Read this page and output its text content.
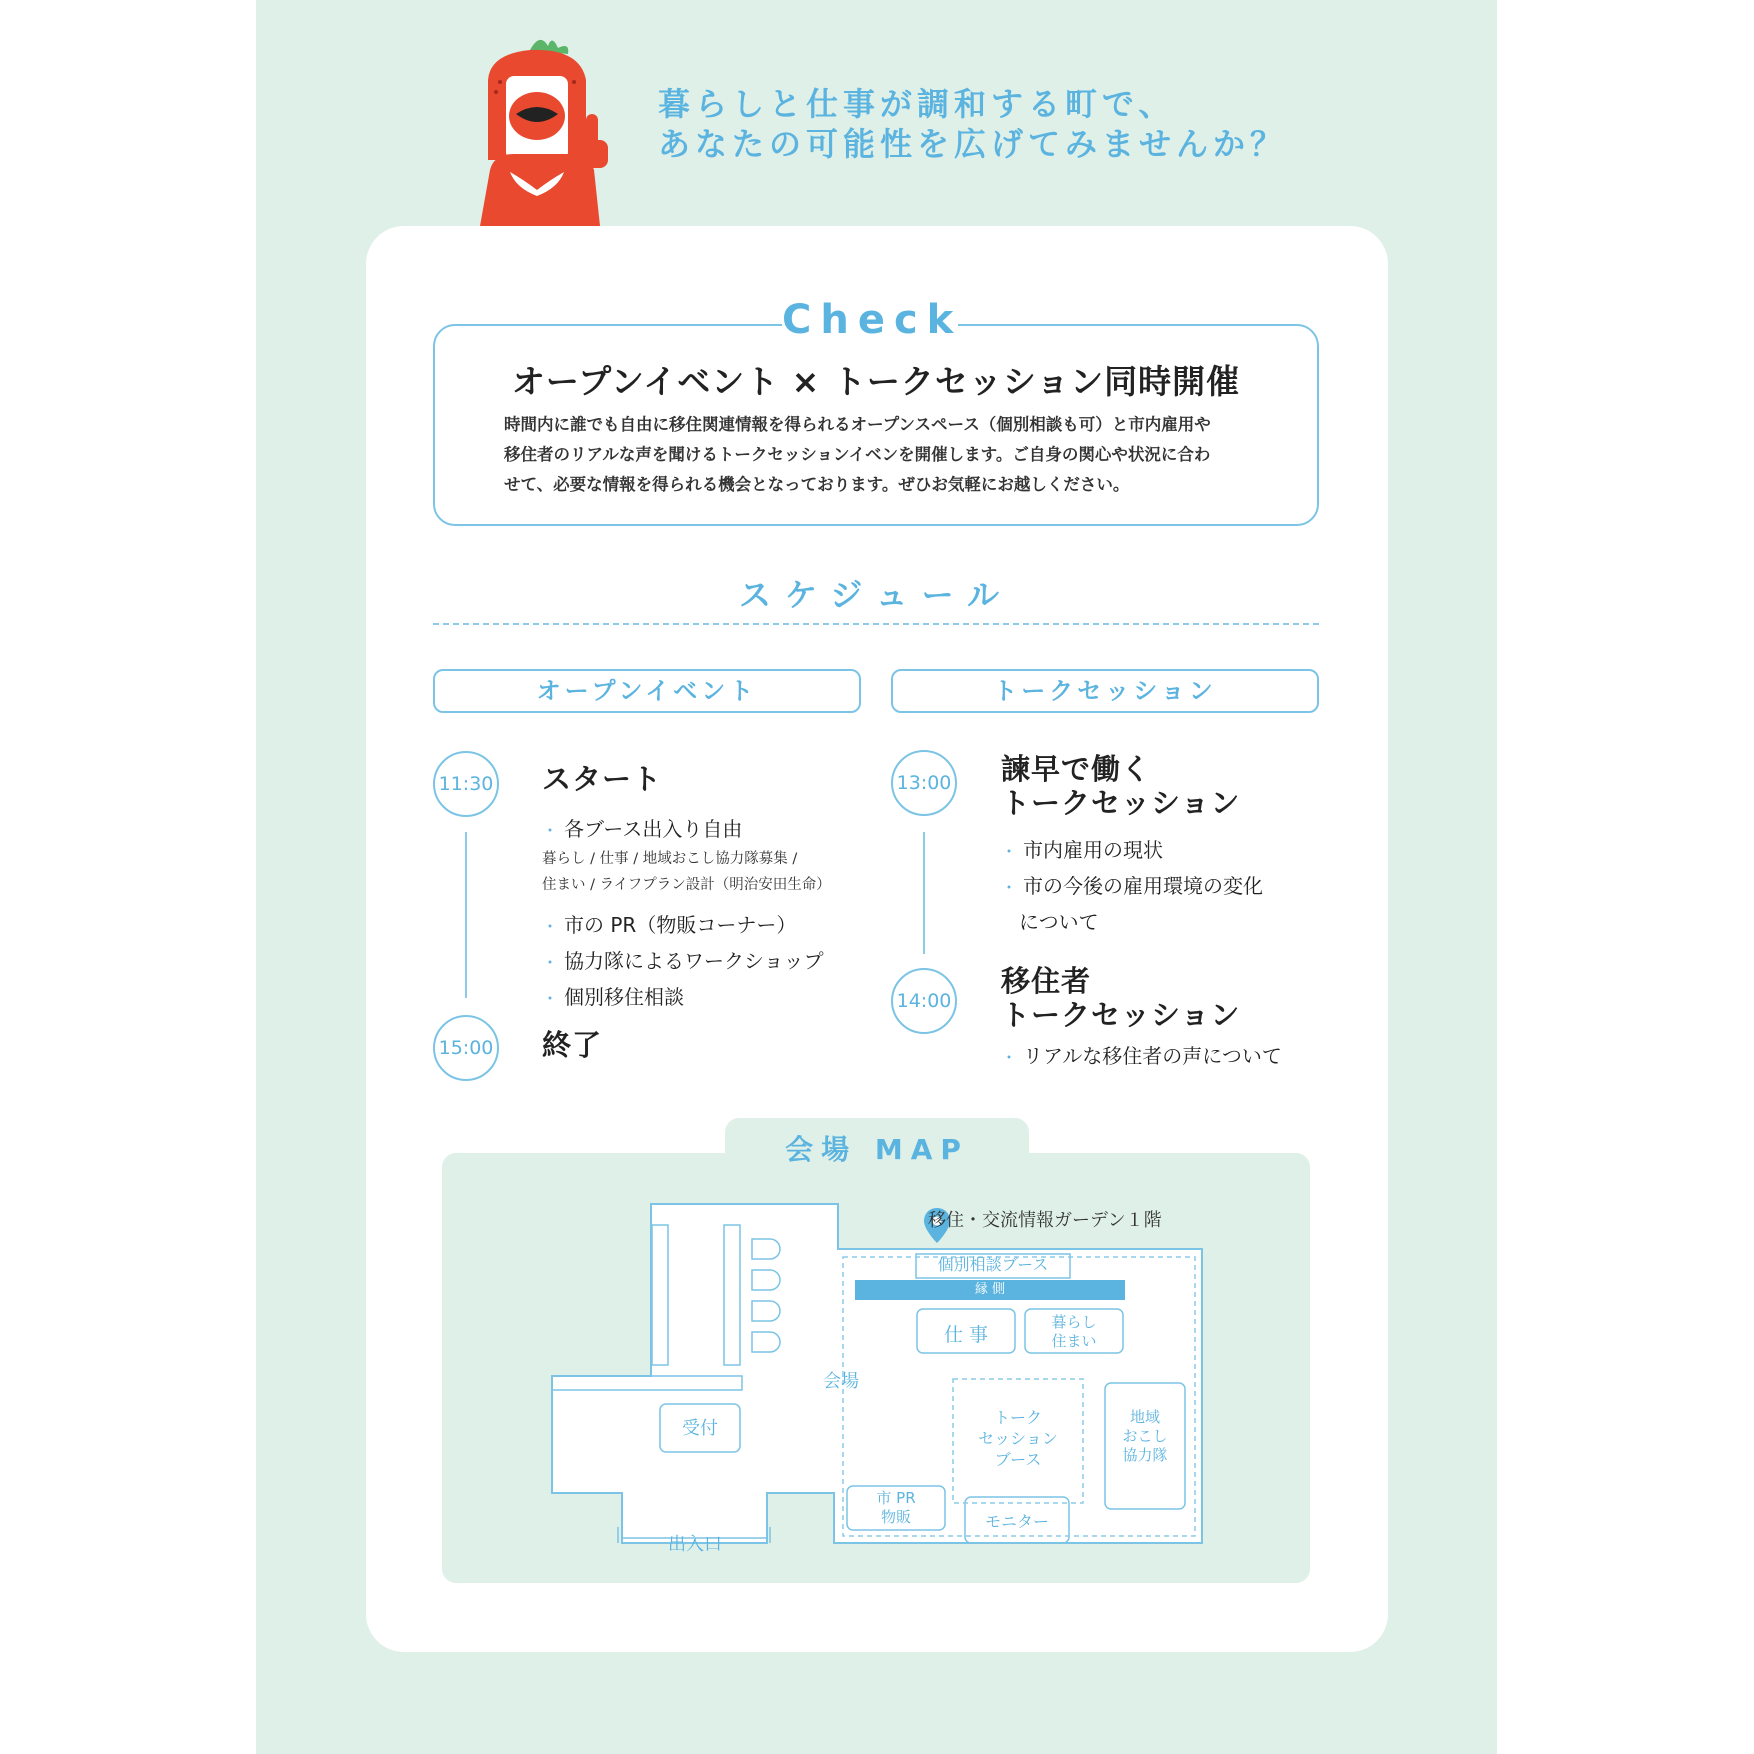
暮らしと仕事が調和する町で、
あなたの可能性を広げてみませんか？
Check
オープンイベント × トークセッション同時開催
時間内に誰でも自由に移住関連情報を得られるオープンスペース（個別相談も可）と市内雇用や
移住者のリアルな声を聞けるトークセッションイベンを開催します。ご自身の関心や状況に合わ
せて、必要な情報を得られる機会となっております。ぜひお気軽にお越しください。
スケジュール
オープンイベント	トークセッション
11:30
15:00
スタート
・ 各ブース出入り自由
暮らし / 仕事 / 地域おこし協力隊募集 /
住まい / ライフプラン設計（明治安田生命）
・ 市の PR（物販コーナー）
・ 協力隊によるワークショップ
・ 個別移住相談
終了
13:00
14:00
諫早で働く
トークセッション
・ 市内雇用の現状
・ 市の今後の雇用環境の変化
について
移住者
トークセッション
・ リアルな移住者の声について
会場 MAP
移住・交流情報ガーデン１階
個別相談ブース
縁 側
仕 事
暮らし
住まい
会場
受付
トーク
セッション
ブース
地域
おこし
協力隊
市 PR
物販	モニター
出入口
